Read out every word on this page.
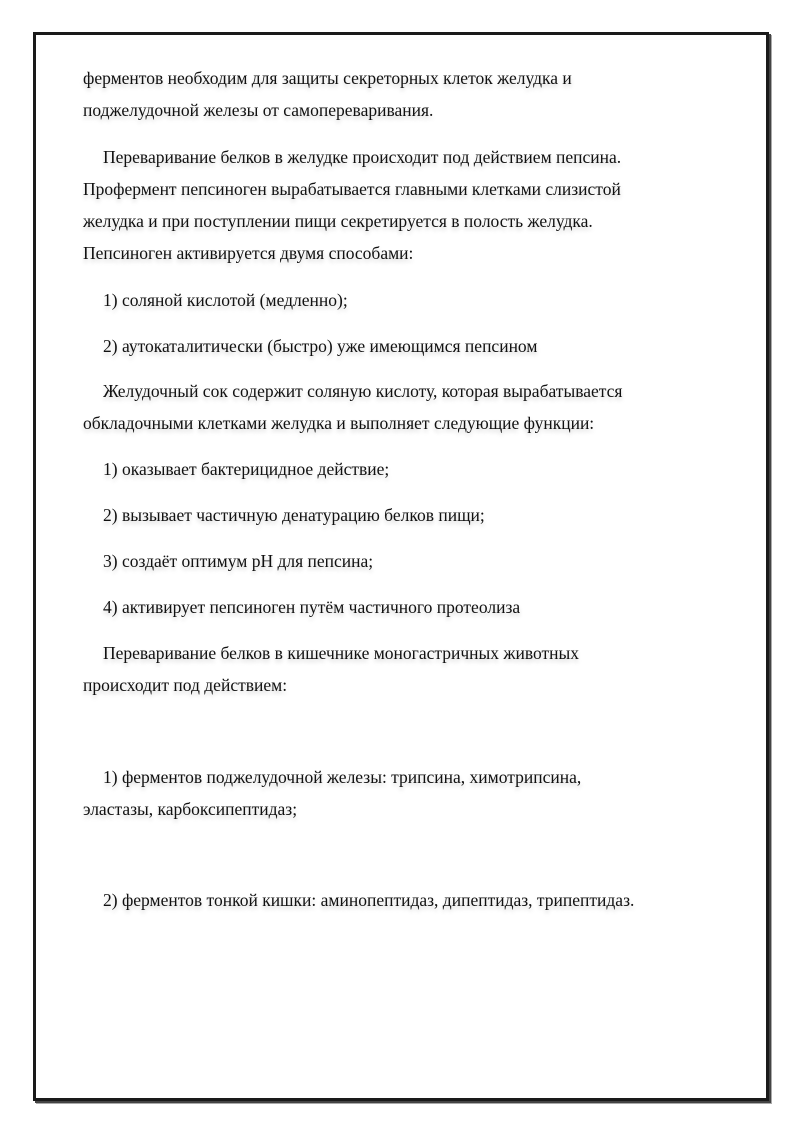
ферментов необходим для защиты секреторных клеток желудка и
поджелудочной железы от самопереваривания.
Переваривание белков в желудке происходит под действием пепсина.
Профермент пепсиноген вырабатывается главными клетками слизистой
желудка и при поступлении пищи секретируется в полость желудка.
Пепсиноген активируется двумя способами:
1) соляной кислотой (медленно);
2) аутокаталитически (быстро) уже имеющимся пепсином
Желудочный сок содержит соляную кислоту, которая вырабатывается
обкладочными клетками желудка и выполняет следующие функции:
1) оказывает бактерицидное действие;
2) вызывает частичную денатурацию белков пищи;
3) создаёт оптимум pH для пепсина;
4) активирует пепсиноген путём частичного протеолиза
Переваривание белков в кишечнике моногастричных животных
происходит под действием:
1) ферментов поджелудочной железы: трипсина, химотрипсина,
эластазы, карбоксипептидаз;
2) ферментов тонкой кишки: аминопептидаз, дипептидаз, трипептидаз.
